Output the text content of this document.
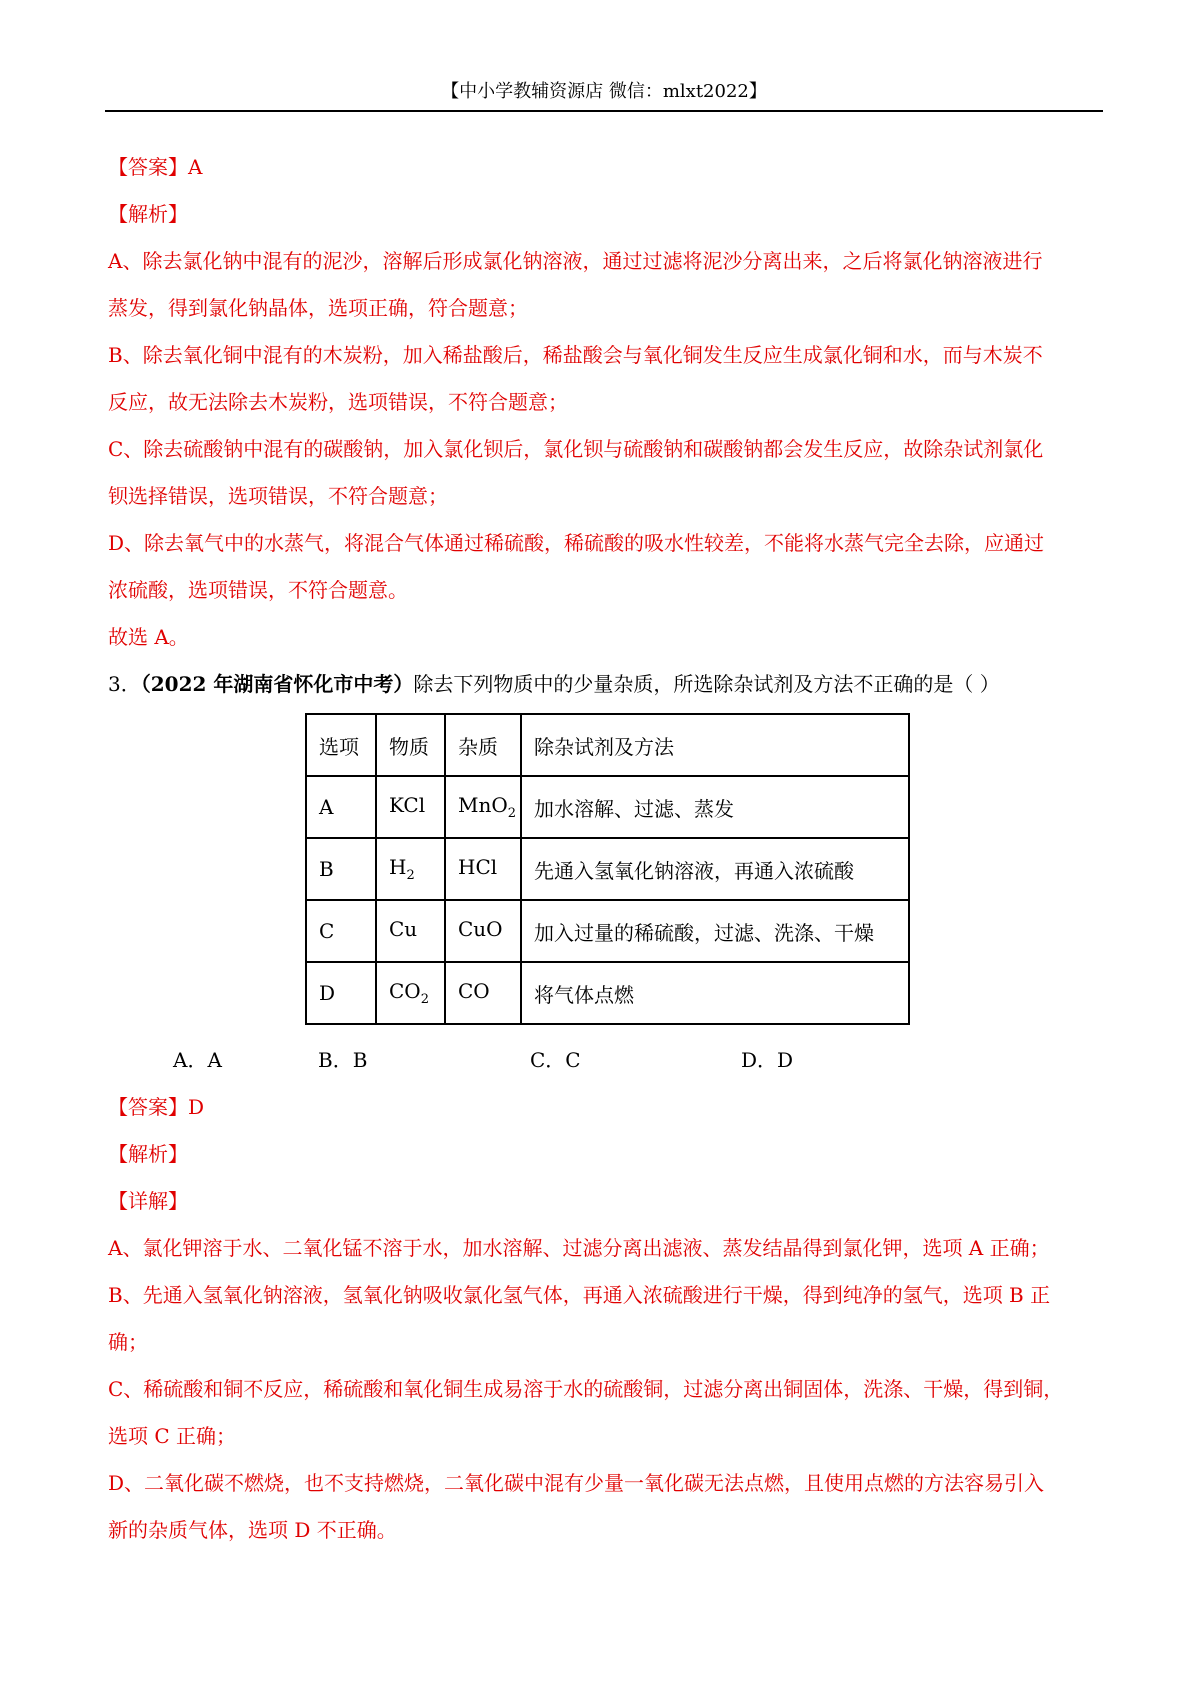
【中小学教辅资源店 微信：mlxt2022】
【答案】A
【解析】
A、除去氯化钠中混有的泥沙，溶解后形成氯化钠溶液，通过过滤将泥沙分离出来，之后将氯化钠溶液进行
蒸发，得到氯化钠晶体，选项正确，符合题意；
B、除去氧化铜中混有的木炭粉，加入稀盐酸后，稀盐酸会与氧化铜发生反应生成氯化铜和水，而与木炭不
反应，故无法除去木炭粉，选项错误，不符合题意；
C、除去硫酸钠中混有的碳酸钠，加入氯化钡后，氯化钡与硫酸钠和碳酸钠都会发生反应，故除杂试剂氯化
钡选择错误，选项错误，不符合题意；
D、除去氧气中的水蒸气，将混合气体通过稀硫酸，稀硫酸的吸水性较差，不能将水蒸气完全去除，应通过
浓硫酸，选项错误，不符合题意。
故选 A。
3．（2022 年湖南省怀化市中考）除去下列物质中的少量杂质，所选除杂试剂及方法不正确的是（ ）
选项	物质	杂质	除杂试剂及方法
A	KCl	MnO$_2$	加水溶解、过滤、蒸发
B	$H_2$	HCl	先通入氢氧化钠溶液，再通入浓硫酸
C	Cu	CuO	加入过量的稀硫酸，过滤、洗涤、干燥
D	$CO_2$	CO	将气体点燃
A．A	B．B	C．C	D．D
【答案】D
【解析】
【详解】
A、氯化钾溶于水、二氧化锰不溶于水，加水溶解、过滤分离出滤液、蒸发结晶得到氯化钾，选项 A 正确；
B、先通入氢氧化钠溶液，氢氧化钠吸收氯化氢气体，再通入浓硫酸进行干燥，得到纯净的氢气，选项 B 正
确；
C、稀硫酸和铜不反应，稀硫酸和氧化铜生成易溶于水的硫酸铜，过滤分离出铜固体，洗涤、干燥，得到铜，
选项 C 正确；
D、二氧化碳不燃烧，也不支持燃烧，二氧化碳中混有少量一氧化碳无法点燃，且使用点燃的方法容易引入
新的杂质气体，选项 D 不正确。
